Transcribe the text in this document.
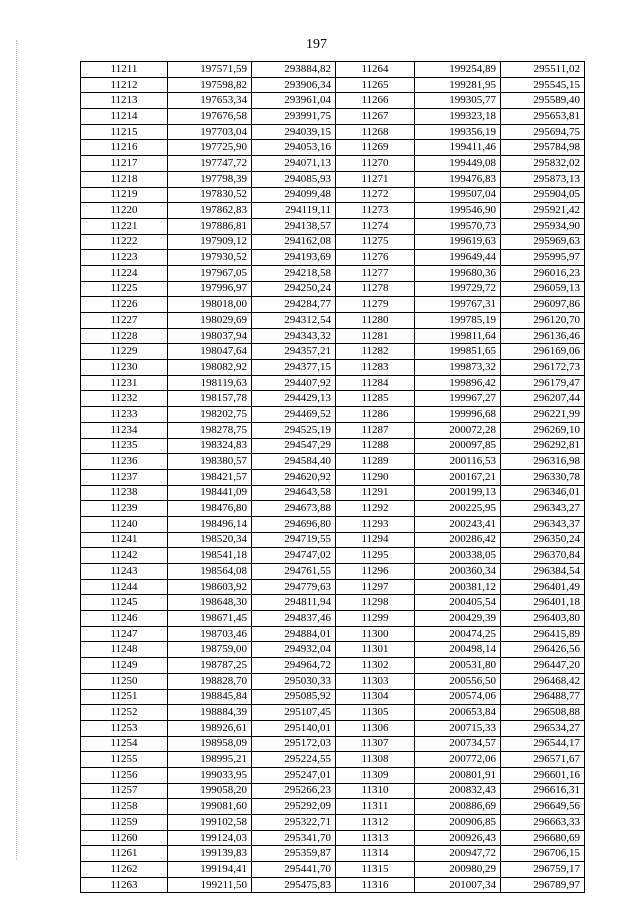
197
11211	197571,59	293884,82	11264	199254,89	295511,02
11212	197598,82	293906,34	11265	199281,95	295545,15
11213	197653,34	293961,04	11266	199305,77	295589,40
11214	197676,58	293991,75	11267	199323,18	295653,81
11215	197703,04	294039,15	11268	199356,19	295694,75
11216	197725,90	294053,16	11269	199411,46	295784,98
11217	197747,72	294071,13	11270	199449,08	295832,02
11218	197798,39	294085,93	11271	199476,83	295873,13
11219	197830,52	294099,48	11272	199507,04	295904,05
11220	197862,83	294119,11	11273	199546,90	295921,42
11221	197886,81	294138,57	11274	199570,73	295934,90
11222	197909,12	294162,08	11275	199619,63	295969,63
11223	197930,52	294193,69	11276	199649,44	295995,97
11224	197967,05	294218,58	11277	199680,36	296016,23
11225	197996,97	294250,24	11278	199729,72	296059,13
11226	198018,00	294284,77	11279	199767,31	296097,86
11227	198029,69	294312,54	11280	199785,19	296120,70
11228	198037,94	294343,32	11281	199811,64	296136,46
11229	198047,64	294357,21	11282	199851,65	296169,06
11230	198082,92	294377,15	11283	199873,32	296172,73
11231	198119,63	294407,92	11284	199896,42	296179,47
11232	198157,78	294429,13	11285	199967,27	296207,44
11233	198202,75	294469,52	11286	199996,68	296221,99
11234	198278,75	294525,19	11287	200072,28	296269,10
11235	198324,83	294547,29	11288	200097,85	296292,81
11236	198380,57	294584,40	11289	200116,53	296316,98
11237	198421,57	294620,92	11290	200167,21	296330,78
11238	198441,09	294643,58	11291	200199,13	296346,01
11239	198476,80	294673,88	11292	200225,95	296343,27
11240	198496,14	294696,80	11293	200243,41	296343,37
11241	198520,34	294719,55	11294	200286,42	296350,24
11242	198541,18	294747,02	11295	200338,05	296370,84
11243	198564,08	294761,55	11296	200360,34	296384,54
11244	198603,92	294779,63	11297	200381,12	296401,49
11245	198648,30	294811,94	11298	200405,54	296401,18
11246	198671,45	294837,46	11299	200429,39	296403,80
11247	198703,46	294884,01	11300	200474,25	296415,89
11248	198759,00	294932,04	11301	200498,14	296426,56
11249	198787,25	294964,72	11302	200531,80	296447,20
11250	198828,70	295030,33	11303	200556,50	296468,42
11251	198845,84	295085,92	11304	200574,06	296488,77
11252	198884,39	295107,45	11305	200653,84	296508,88
11253	198926,61	295140,01	11306	200715,33	296534,27
11254	198958,09	295172,03	11307	200734,57	296544,17
11255	198995,21	295224,55	11308	200772,06	296571,67
11256	199033,95	295247,01	11309	200801,91	296601,16
11257	199058,20	295266,23	11310	200832,43	296616,31
11258	199081,60	295292,09	11311	200886,69	296649,56
11259	199102,58	295322,71	11312	200906,85	296663,33
11260	199124,03	295341,70	11313	200926,43	296680,69
11261	199139,83	295359,87	11314	200947,72	296706,15
11262	199194,41	295441,70	11315	200980,29	296759,17
11263	199211,50	295475,83	11316	201007,34	296789,97
